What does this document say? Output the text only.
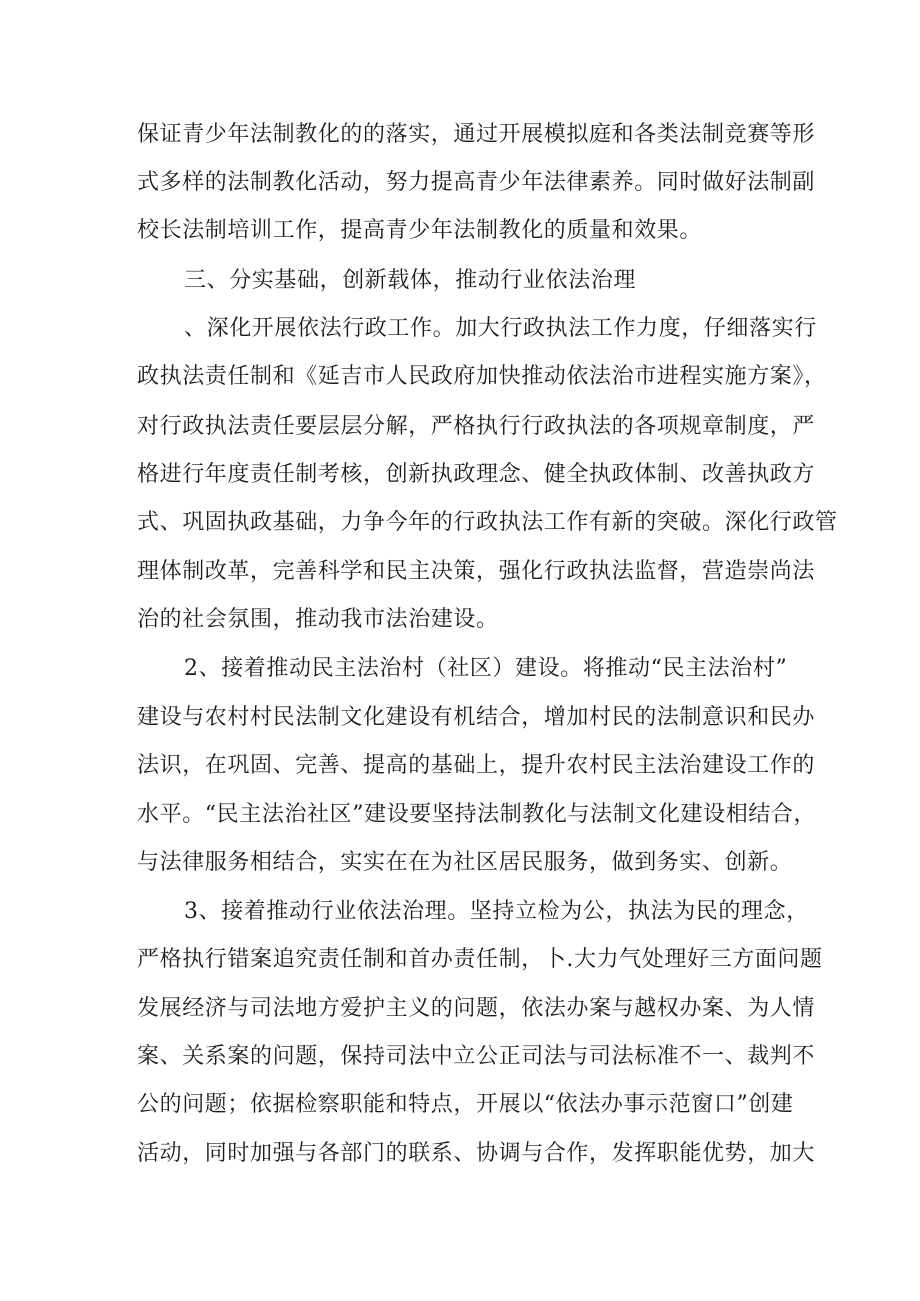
保证青少年法制教化的的落实，通过开展模拟庭和各类法制竞赛等形
式多样的法制教化活动，努力提高青少年法律素养。同时做好法制副
校长法制培训工作，提高青少年法制教化的质量和效果。
三、分实基础，创新载体，推动行业依法治理
、深化开展依法行政工作。加大行政执法工作力度，仔细落实行
政执法责任制和《延吉市人民政府加快推动依法治市进程实施方案》，
对行政执法责任要层层分解，严格执行行政执法的各项规章制度，严
格进行年度责任制考核，创新执政理念、健全执政体制、改善执政方
式、巩固执政基础，力争今年的行政执法工作有新的突破。深化行政管
理体制改革，完善科学和民主决策，强化行政执法监督，营造崇尚法
治的社会氛围，推动我市法治建设。
2、接着推动民主法治村（社区）建设。将推动“民主法治村”
建设与农村村民法制文化建设有机结合，增加村民的法制意识和民办
法识，在巩固、完善、提高的基础上，提升农村民主法治建设工作的
水平。“民主法治社区”建设要坚持法制教化与法制文化建设相结合，
与法律服务相结合，实实在在为社区居民服务，做到务实、创新。
3、接着推动行业依法治理。坚持立检为公，执法为民的理念，
严格执行错案追究责任制和首办责任制，卜.大力气处理好三方面问题
发展经济与司法地方爱护主义的问题，依法办案与越权办案、为人情
案、关系案的问题，保持司法中立公正司法与司法标准不一、裁判不
公的问题；依据检察职能和特点，开展以“依法办事示范窗口”创建
活动，同时加强与各部门的联系、协调与合作，发挥职能优势，加大
